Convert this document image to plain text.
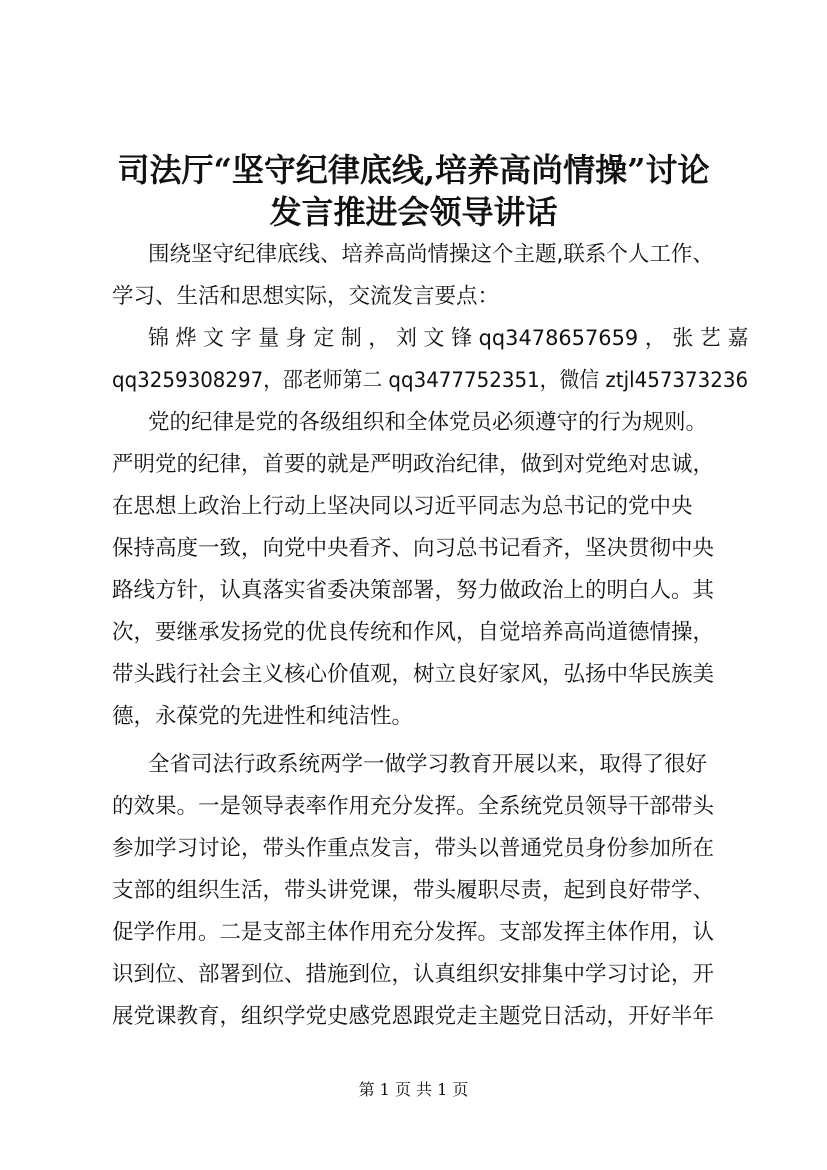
司法厅“坚守纪律底线,培养高尚情操”讨论
发言推进会领导讲话
围绕坚守纪律底线、培养高尚情操这个主题,联系个人工作、
学习、生活和思想实际，交流发言要点：
锦 烨 文 字 量 身 定 制 ， 刘 文 锋 qq3478657659 ， 张 艺 嘉
qq3259308297，邵老师第二 qq3477752351，微信 ztjl457373236
党的纪律是党的各级组织和全体党员必须遵守的行为规则。
严明党的纪律，首要的就是严明政治纪律，做到对党绝对忠诚，
在思想上政治上行动上坚决同以习近平同志为总书记的党中央
保持高度一致，向党中央看齐、向习总书记看齐，坚决贯彻中央
路线方针，认真落实省委决策部署，努力做政治上的明白人。其
次，要继承发扬党的优良传统和作风，自觉培养高尚道德情操，
带头践行社会主义核心价值观，树立良好家风，弘扬中华民族美
德，永葆党的先进性和纯洁性。
全省司法行政系统两学一做学习教育开展以来，取得了很好
的效果。一是领导表率作用充分发挥。全系统党员领导干部带头
参加学习讨论，带头作重点发言，带头以普通党员身份参加所在
支部的组织生活，带头讲党课，带头履职尽责，起到良好带学、
促学作用。二是支部主体作用充分发挥。支部发挥主体作用，认
识到位、部署到位、措施到位，认真组织安排集中学习讨论，开
展党课教育，组织学党史感党恩跟党走主题党日活动，开好半年
第 1 页 共 1 页
